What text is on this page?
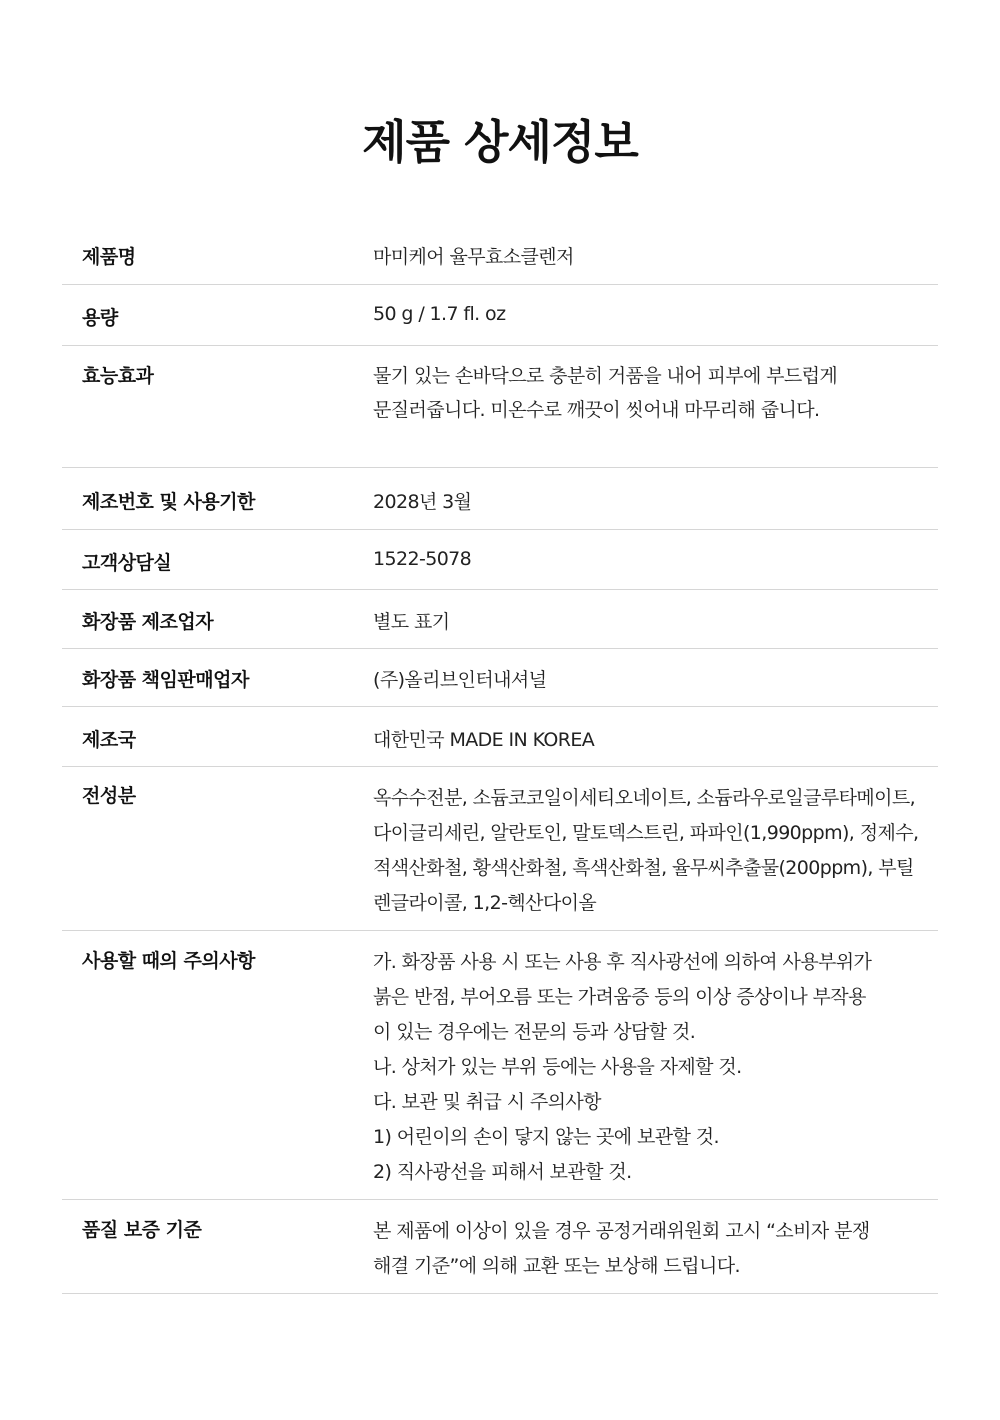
제품 상세정보
제품명	마미케어 율무효소클렌저
용량	50 g / 1.7 fl. oz
효능효과	물기 있는 손바닥으로 충분히 거품을 내어 피부에 부드럽게
문질러줍니다. 미온수로 깨끗이 씻어내 마무리해 줍니다.
제조번호 및 사용기한	2028년 3월
고객상담실	1522-5078
화장품 제조업자	별도 표기
화장품 책임판매업자	(주)올리브인터내셔널
제조국	대한민국 MADE IN KOREA
전성분	옥수수전분, 소듐코코일이세티오네이트, 소듐라우로일글루타메이트,
다이글리세린, 알란토인, 말토덱스트린, 파파인(1,990ppm), 정제수,
적색산화철, 황색산화철, 흑색산화철, 율무씨추출물(200ppm), 부틸
렌글라이콜, 1,2-헥산다이올
사용할 때의 주의사항	가. 화장품 사용 시 또는 사용 후 직사광선에 의하여 사용부위가
붉은 반점, 부어오름 또는 가려움증 등의 이상 증상이나 부작용
이 있는 경우에는 전문의 등과 상담할 것.
나. 상처가 있는 부위 등에는 사용을 자제할 것.
다. 보관 및 취급 시 주의사항
1) 어린이의 손이 닿지 않는 곳에 보관할 것.
2) 직사광선을 피해서 보관할 것.
품질 보증 기준	본 제품에 이상이 있을 경우 공정거래위원회 고시 “소비자 분쟁
해결 기준”에 의해 교환 또는 보상해 드립니다.
